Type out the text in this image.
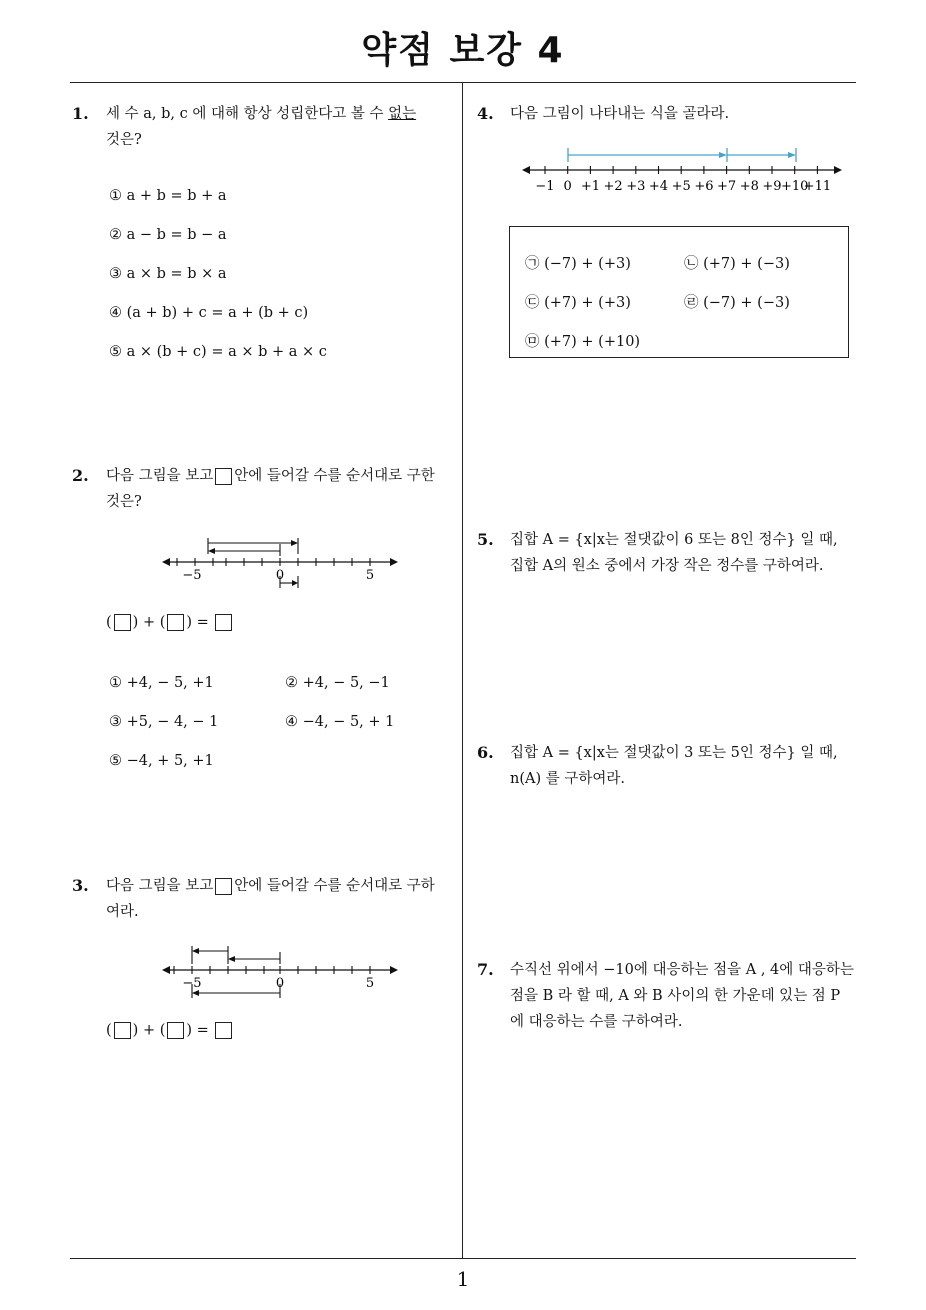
약점 보강 4
1
1. 세 수 a, b, c 에 대해 항상 성립한다고 볼 수 없는
것은?
① a + b = b + a
② a − b = b − a
③ a × b = b × a
④ (a + b) + c = a + (b + c)
⑤ a × (b + c) = a × b + a × c
2. 다음 그림을 보고 안에 들어갈 수를 순서대로 구한
것은?
−5	0	5
( ) + ( ) =
① +4, − 5, +1	② +4, − 5, −1
③ +5, − 4, − 1	④ −4, − 5, + 1
⑤ −4, + 5, +1
3. 다음 그림을 보고 안에 들어갈 수를 순서대로 구하
여라.
−5	0	5
( ) + ( ) =
4. 다음 그림이 나타내는 식을 골라라.
−1 0 +1 +2 +3 +4 +5 +6 +7 +8 +9 +10
+11
㉠ (−7) + (+3)	㉡ (+7) + (−3)
㉢ (+7) + (+3)	㉣ (−7) + (−3)
㉤ (+7) + (+10)
5. 집합 A = {x|x는 절댓값이 6 또는 8인 정수} 일 때,
집합 A의 원소 중에서 가장 작은 정수를 구하여라.
6. 집합 A = {x|x는 절댓값이 3 또는 5인 정수} 일 때,
n(A) 를 구하여라.
7. 수직선 위에서 −10에 대응하는 점을 A , 4에 대응하는
점을 B 라 할 때, A 와 B 사이의 한 가운데 있는 점 P
에 대응하는 수를 구하여라.
